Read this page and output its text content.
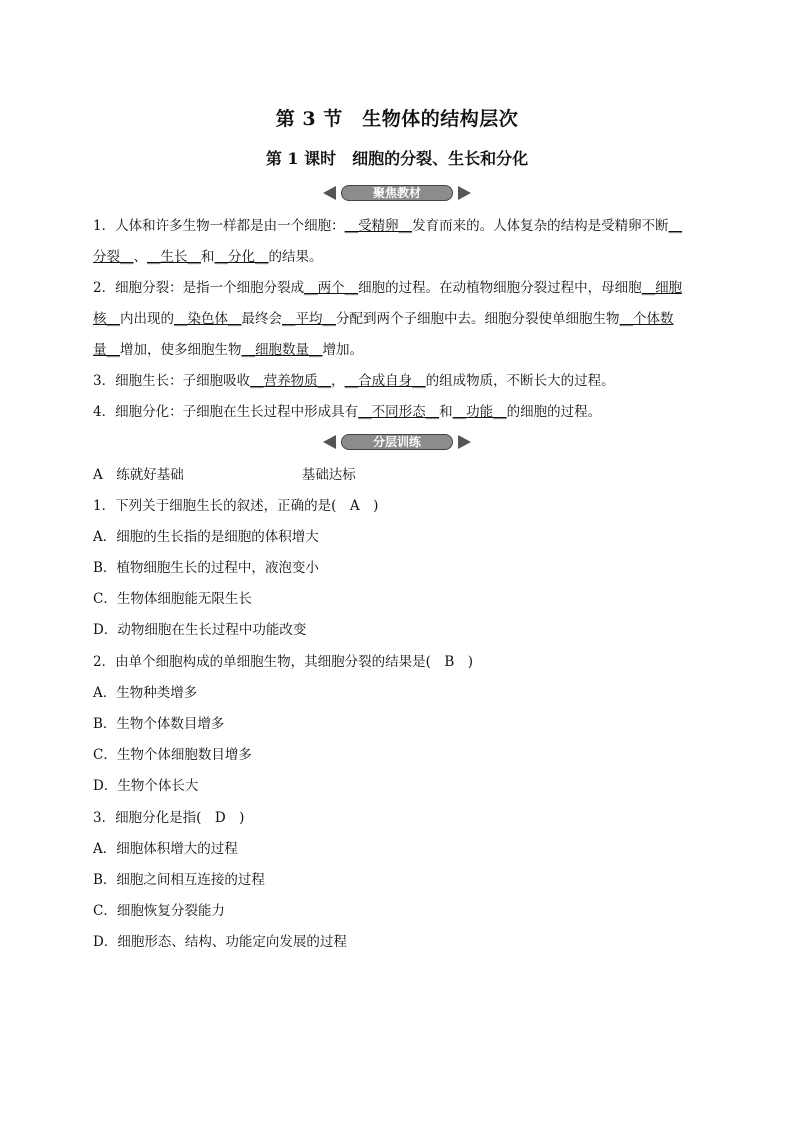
第 3 节　生物体的结构层次
第 1 课时　细胞的分裂、生长和分化
聚焦教材
1．人体和许多生物一样都是由一个细胞：__受精卵__发育而来的。人体复杂的结构是受精卵不断__
分裂__、__生长__和__分化__的结果。
2．细胞分裂：是指一个细胞分裂成__两个__细胞的过程。在动植物细胞分裂过程中，母细胞__细胞
核__内出现的__染色体__最终会__平均__分配到两个子细胞中去。细胞分裂使单细胞生物__个体数
量__增加，使多细胞生物__细胞数量__增加。
3．细胞生长：子细胞吸收__营养物质__，__合成自身__的组成物质，不断长大的过程。
4．细胞分化：子细胞在生长过程中形成具有__不同形态__和__功能__的细胞的过程。
分层训练
A　练就好基础	基础达标
1．下列关于细胞生长的叙述，正确的是(　A　)
A．细胞的生长指的是细胞的体积增大
B．植物细胞生长的过程中，液泡变小
C．生物体细胞能无限生长
D．动物细胞在生长过程中功能改变
2．由单个细胞构成的单细胞生物，其细胞分裂的结果是(　B　)
A．生物种类增多
B．生物个体数目增多
C．生物个体细胞数目增多
D．生物个体长大
3．细胞分化是指(　D　)
A．细胞体积增大的过程
B．细胞之间相互连接的过程
C．细胞恢复分裂能力
D．细胞形态、结构、功能定向发展的过程
